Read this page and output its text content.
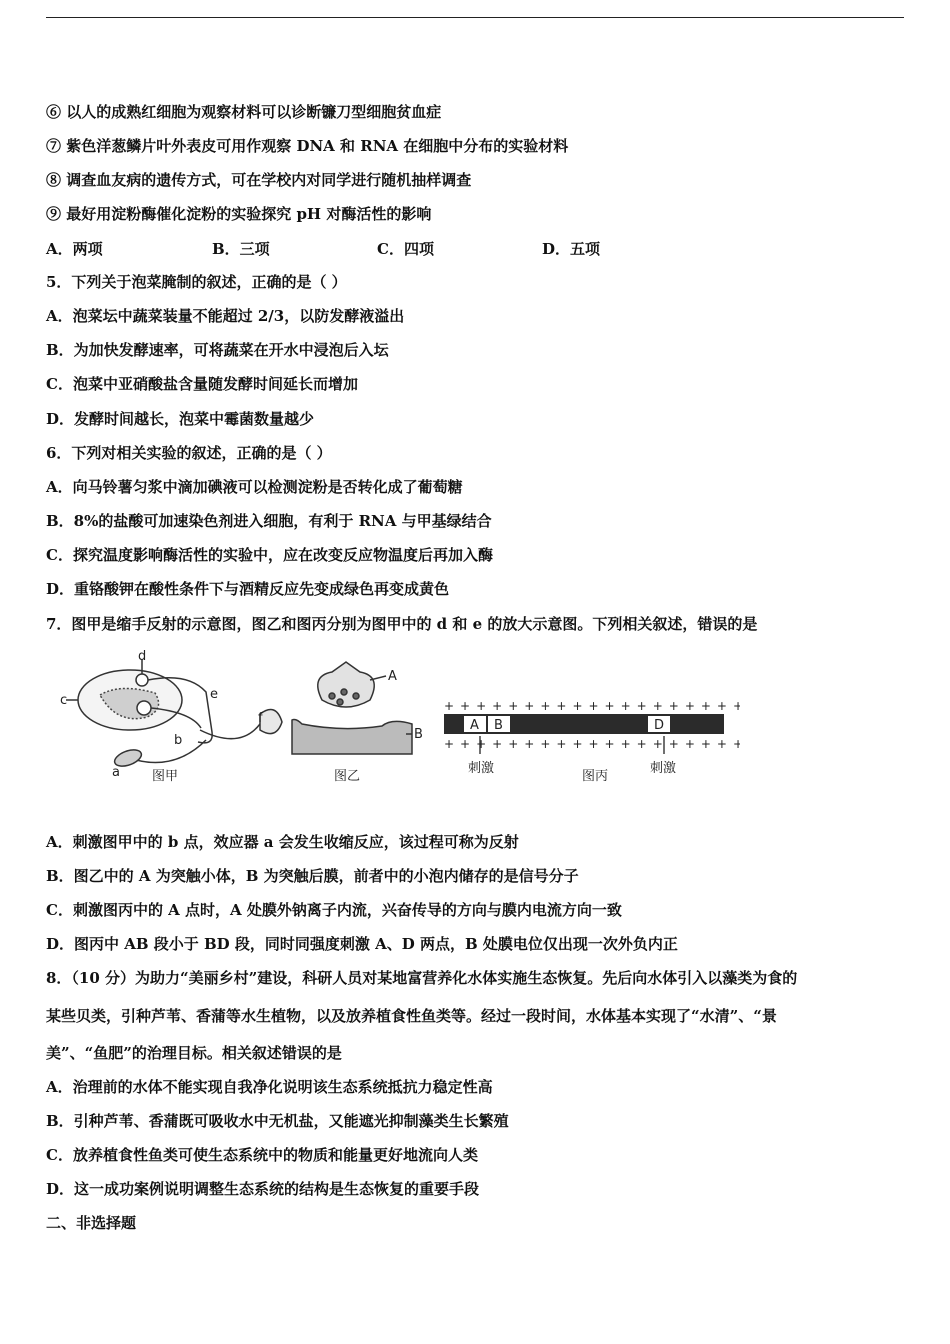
⑥ 以人的成熟红细胞为观察材料可以诊断镰刀型细胞贫血症
⑦ 紫色洋葱鳞片叶外表皮可用作观察 DNA 和 RNA 在细胞中分布的实验材料
⑧ 调查血友病的遗传方式，可在学校内对同学进行随机抽样调查
⑨ 最好用淀粉酶催化淀粉的实验探究 pH 对酶活性的影响
A．两项	B．三项	C．四项	D．五项
5．下列关于泡菜腌制的叙述，正确的是（ ）
A．泡菜坛中蔬菜装量不能超过 2/3，以防发酵液溢出
B．为加快发酵速率，可将蔬菜在开水中浸泡后入坛
C．泡菜中亚硝酸盐含量随发酵时间延长而增加
D．发酵时间越长，泡菜中霉菌数量越少
6．下列对相关实验的叙述，正确的是（ ）
A．向马铃薯匀浆中滴加碘液可以检测淀粉是否转化成了葡萄糖
B．8%的盐酸可加速染色剂进入细胞，有利于 RNA 与甲基绿结合
C．探究温度影响酶活性的实验中，应在改变反应物温度后再加入酶
D．重铬酸钾在酸性条件下与酒精反应先变成绿色再变成黄色
7．图甲是缩手反射的示意图，图乙和图丙分别为图甲中的 d 和 e 的放大示意图。下列相关叙述，错误的是
d
e
c
b
f
a 图甲
A
B
图乙
+++++++++++++++++++
+++++++++++++++++++
A B	D
刺激
图丙
刺激
A．刺激图甲中的 b 点，效应器 a 会发生收缩反应，该过程可称为反射
B．图乙中的 A 为突触小体，B 为突触后膜，前者中的小泡内储存的是信号分子
C．刺激图丙中的 A 点时，A 处膜外钠离子内流，兴奋传导的方向与膜内电流方向一致
D．图丙中 AB 段小于 BD 段，同时同强度刺激 A、D 两点，B 处膜电位仅出现一次外负内正
8．（10 分）为助力“美丽乡村”建设，科研人员对某地富营养化水体实施生态恢复。先后向水体引入以藻类为食的
某些贝类，引种芦苇、香蒲等水生植物，以及放养植食性鱼类等。经过一段时间，水体基本实现了“水清”、“景
美”、“鱼肥”的治理目标。相关叙述错误的是
A．治理前的水体不能实现自我净化说明该生态系统抵抗力稳定性高
B．引种芦苇、香蒲既可吸收水中无机盐，又能遮光抑制藻类生长繁殖
C．放养植食性鱼类可使生态系统中的物质和能量更好地流向人类
D．这一成功案例说明调整生态系统的结构是生态恢复的重要手段
二、非选择题
